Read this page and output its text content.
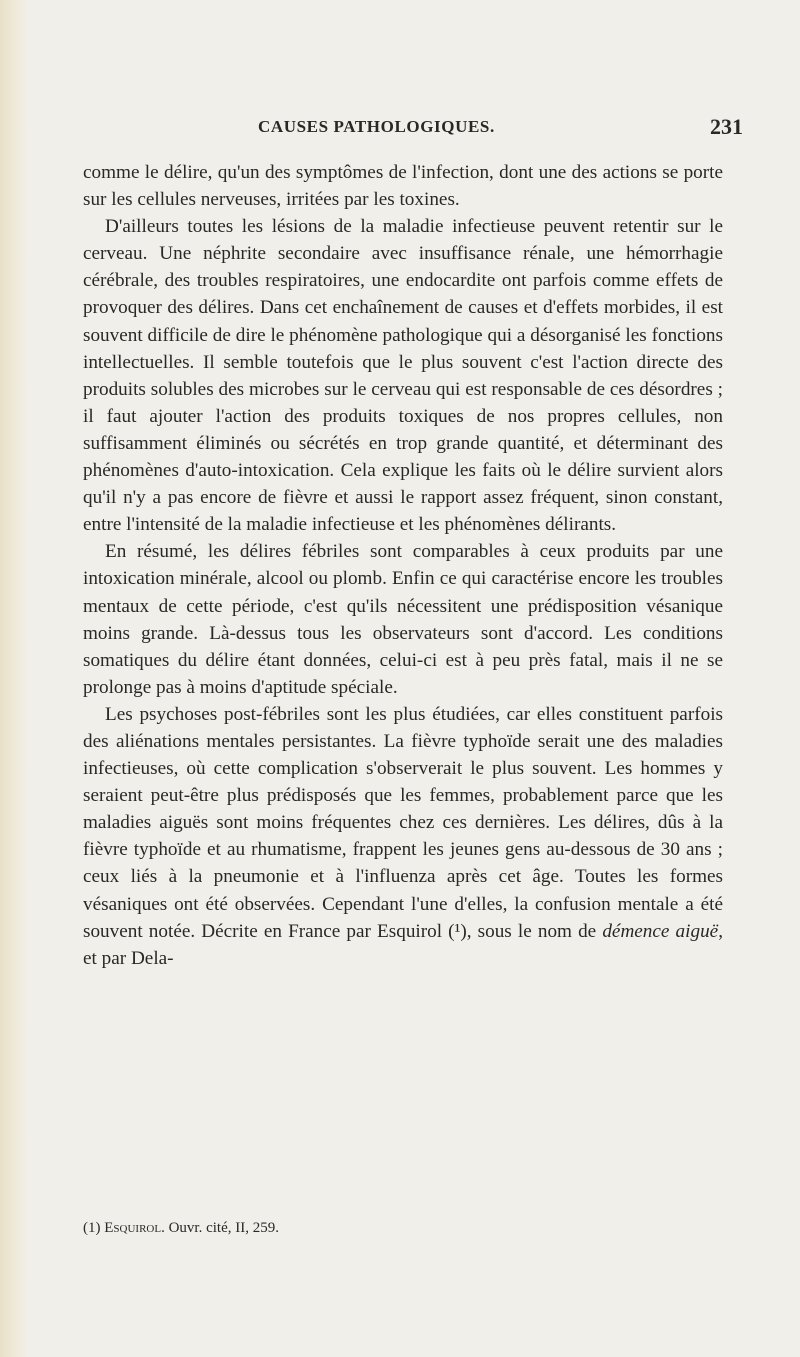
CAUSES PATHOLOGIQUES.	231

comme le délire, qu'un des symptômes de l'infection, dont une des actions se porte sur les cellules nerveuses, irritées par les toxines.

D'ailleurs toutes les lésions de la maladie infectieuse peuvent retentir sur le cerveau. Une néphrite secondaire avec insuffisance rénale, une hémorrhagie cérébrale, des troubles respiratoires, une endocardite ont parfois comme effets de provoquer des délires. Dans cet enchaînement de causes et d'effets morbides, il est souvent difficile de dire le phénomène pathologique qui a désorganisé les fonctions intellectuelles. Il semble toutefois que le plus souvent c'est l'action directe des produits solubles des microbes sur le cerveau qui est responsable de ces désordres ; il faut ajouter l'action des produits toxiques de nos propres cellules, non suffisamment éliminés ou sécrétés en trop grande quantité, et déterminant des phénomènes d'auto-intoxication. Cela explique les faits où le délire survient alors qu'il n'y a pas encore de fièvre et aussi le rapport assez fréquent, sinon constant, entre l'intensité de la maladie infectieuse et les phénomènes délirants.

En résumé, les délires fébriles sont comparables à ceux produits par une intoxication minérale, alcool ou plomb. Enfin ce qui caractérise encore les troubles mentaux de cette période, c'est qu'ils nécessitent une prédisposition vésanique moins grande. Là-dessus tous les observateurs sont d'accord. Les conditions somatiques du délire étant données, celui-ci est à peu près fatal, mais il ne se prolonge pas à moins d'aptitude spéciale.

Les psychoses post-fébriles sont les plus étudiées, car elles constituent parfois des aliénations mentales persistantes. La fièvre typhoïde serait une des maladies infectieuses, où cette complication s'observerait le plus souvent. Les hommes y seraient peut-être plus prédisposés que les femmes, probablement parce que les maladies aiguës sont moins fréquentes chez ces dernières. Les délires, dûs à la fièvre typhoïde et au rhumatisme, frappent les jeunes gens au-dessous de 30 ans ; ceux liés à la pneumonie et à l'influenza après cet âge. Toutes les formes vésaniques ont été observées. Cependant l'une d'elles, la confusion mentale a été souvent notée. Décrite en France par Esquirol (¹), sous le nom de démence aiguë, et par Dela-

(1) Esquirol. Ouvr. cité, II, 259.
